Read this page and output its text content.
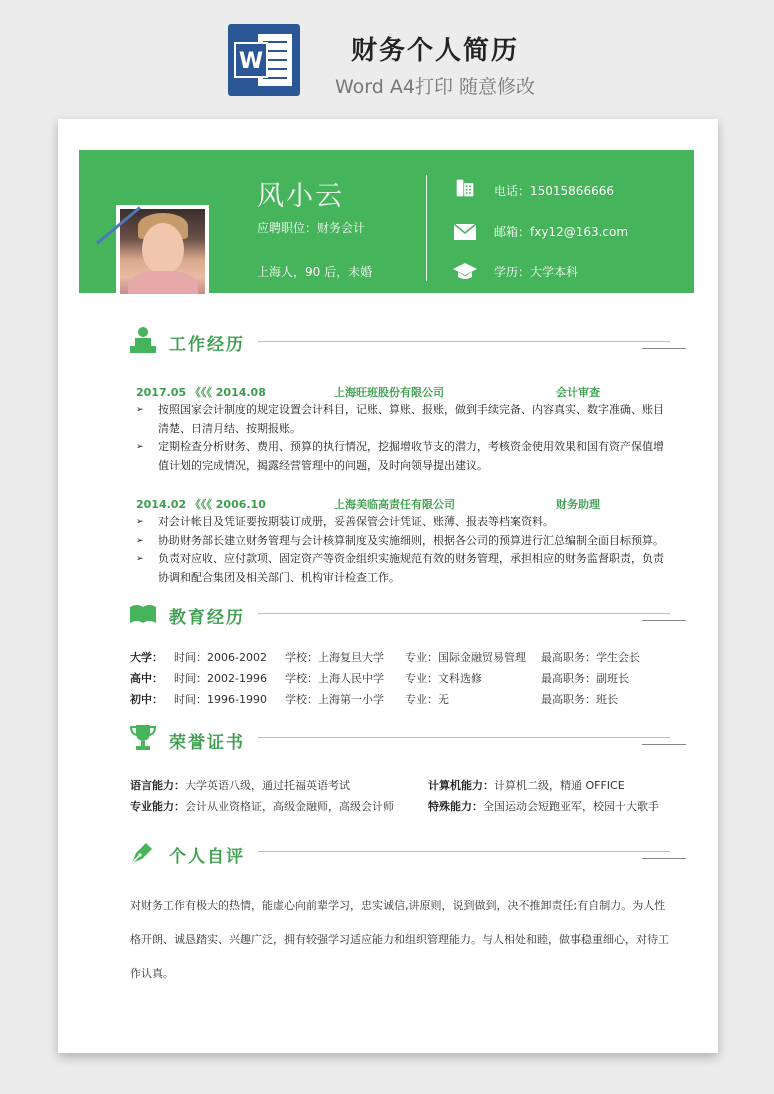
W	财务个人简历
Word A4打印 随意修改
风小云
应聘职位：财务会计
上海人，90 后，未婚
电话：15015866666
邮箱：fxy12@163.com
学历：大学本科
工作经历
2017.05 《《《 2014.08	上海旺班股份有限公司	会计审查
➢ 按照国家会计制度的规定设置会计科目，记账、算账、报账，做到手续完备、内容真实、数字准确、账目清楚、日清月结、按期报账。
➢ 定期检查分析财务、费用、预算的执行情况，挖掘增收节支的潜力，考核资金使用效果和国有资产保值增值计划的完成情况，揭露经营管理中的问题，及时向领导提出建议。
2014.02 《《《 2006.10	上海美临高责任有限公司	财务助理
➢ 对会计帐目及凭证要按期装订成册，妥善保管会计凭证、账薄、报表等档案资料。
➢ 协助财务部长建立财务管理与会计核算制度及实施细则，根据各公司的预算进行汇总编制全面目标预算。
➢ 负责对应收、应付款项、固定资产等资金组织实施规范有效的财务管理，承担相应的财务监督职责，负责协调和配合集团及相关部门、机构审计检查工作。
教育经历
大学： 时间：2006-2002 学校：上海复旦大学 专业：国际金融贸易管理 最高职务：学生会长
高中： 时间：2002-1996 学校：上海人民中学 专业：文科选修	最高职务：副班长
初中： 时间：1996-1990 学校：上海第一小学 专业：无	最高职务：班长
荣誉证书
语言能力：大学英语八级，通过托福英语考试	计算机能力：计算机二级，精通 OFFICE
专业能力：会计从业资格证，高级金融师，高级会计师	特殊能力：全国运动会短跑亚军，校园十大歌手
个人自评
对财务工作有极大的热情，能虚心向前辈学习，忠实诚信,讲原则，说到做到，决不推卸责任;有自制力。为人性格开朗、诚恳踏实、兴趣广泛，拥有较强学习适应能力和组织管理能力。与人相处和睦，做事稳重细心，对待工作认真。
